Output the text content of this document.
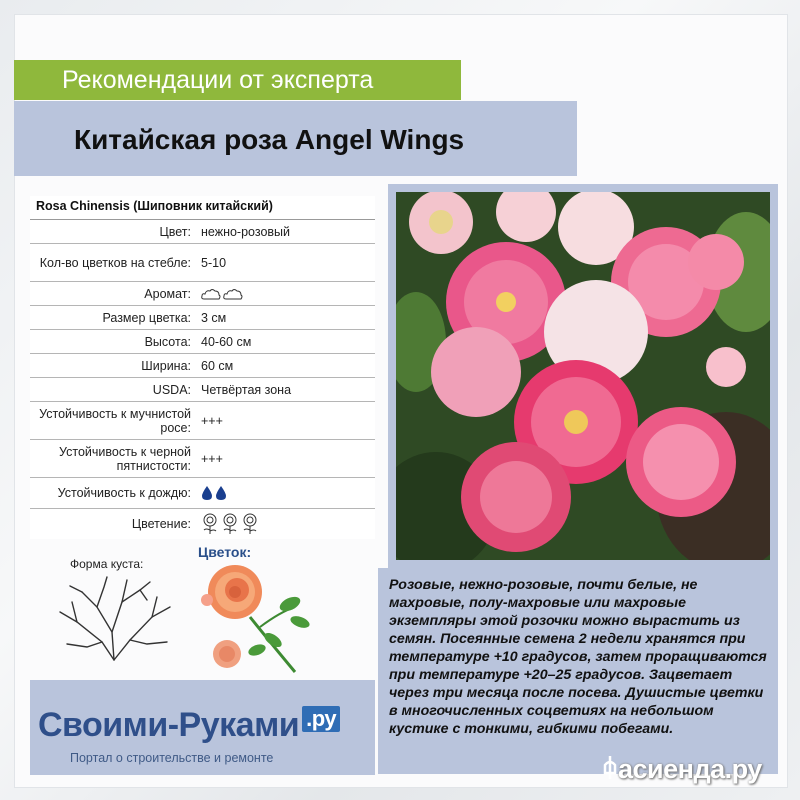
Рекомендации от эксперта
Китайская роза Angel Wings
Rosa Chinensis (Шиповник китайский)
Цвет: нежно-розовый
Кол-во цветков на стебле: 5-10
Аромат:
Размер цветка: 3 см
Высота: 40-60 см
Ширина: 60 см
USDA: Четвёртая зона
Устойчивость к мучнистой росе: +++
Устойчивость к черной пятнистости: +++
Устойчивость к дождю:
Цветение:
Форма куста:
Цветок:
Розовые, нежно-розовые, почти белые, не махровые, полу-махровые или махровые экземпляры этой розочки можно вырастить из семян. Посеянные семена 2 недели хранятся при температуре +10 градусов, затем проращиваются при температуре +20–25 градусов. Зацветает через три месяца после посева. Душистые цветки в многочисленных соцветиях на небольшом кустике с тонкими, гибкими побегами.
Своими-Руками .ру
Портал о строительстве и ремонте	асиенда.ру
